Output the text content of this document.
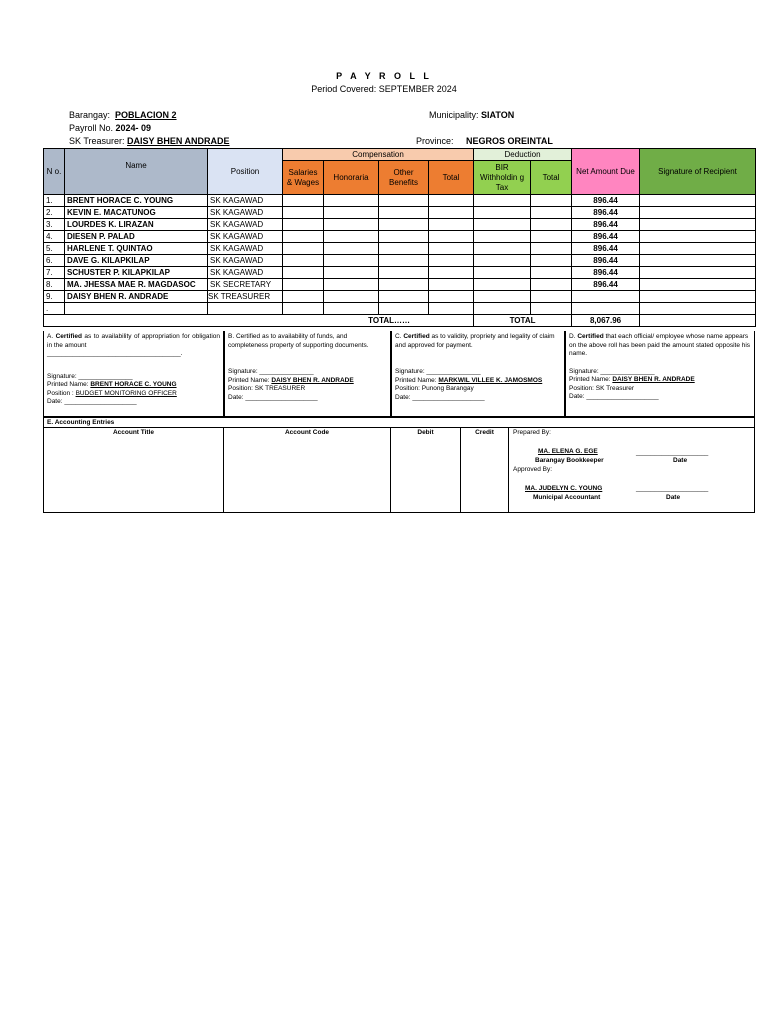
P A Y R O L L
Period Covered: SEPTEMBER 2024
Barangay: POBLACION 2
Payroll No. 2024- 09
SK Treasurer: DAISY BHEN ANDRADE
Municipality: SIATON
Province: NEGROS OREINTAL
N o.	Name	Position	Compensation				Deduction		Net Amount Due	Signature of Recipient
			Salaries & Wages	Honoraria	Other Benefits	Total	BIR Withholdin g Tax	Total		

1.	BRENT HORACE C. YOUNG	SK KAGAWAD							896.44	
2.	KEVIN E. MACATUNOG	SK KAGAWAD							896.44	
3.	LOURDES K. LIRAZAN	SK KAGAWAD							896.44	
4.	DIESEN P. PALAD	SK KAGAWAD							896.44	
5.	HARLENE T. QUINTAO	SK KAGAWAD							896.44	
6.	DAVE G. KILAPKILAP	SK KAGAWAD							896.44	
7.	SCHUSTER P. KILAPKILAP	SK KAGAWAD							896.44	
8.	MA. JHESSA MAE R. MAGDASOC	SK SECRETARY							896.44	
9.	DAISY BHEN R. ANDRADE	SK TREASURER								
.										
TOTAL……							TOTAL		8,067.96	
A. Certified as to availability of appropriation for obligation in the amount
_____________________________________.
Signature: _______________
Printed Name: BRENT HORACE C. YOUNG
Position : BUDGET MONITORING OFFICER
Date: ____________________
B. Certified as to availability of funds, and completeness property of supporting documents.
Signature: _______________
Printed Name: DAISY BHEN R. ANDRADE
Position: SK TREASURER
Date: ____________________
C. Certified as to validity, propriety and legality of claim and approved for payment.
Signature: _______________
Printed Name: MARKWIL VILLEE K. JAMOSMOS
Position: Punong Barangay
Date: ____________________
D. Certified that each official/ employee whose name appears on the above roll has been paid the amount stated opposite his name.
Signature: _______________
Printed Name: DAISY BHEN R. ANDRADE
Position: SK Treasurer
Date: ____________________
E. Accounting Entries
Account Title	Account Code	Debit	Credit	Prepared By:
MA. ELENA G. EGE	____________________
Barangay Bookkeeper	Date
Approved By:
MA. JUDELYN C. YOUNG	____________________
Municipal Accountant	Date
